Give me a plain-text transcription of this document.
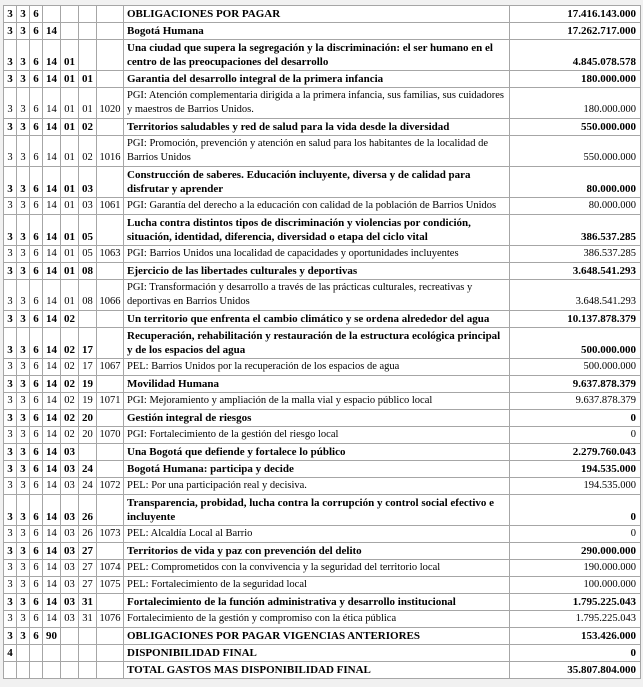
3	3	6					OBLIGACIONES POR PAGAR	17.416.143.000
3	3	6	14				Bogotá Humana	17.262.717.000
3	3	6	14	01			Una ciudad que supera la segregación y la discriminación: el ser humano en el centro de las preocupaciones del desarrollo	4.845.078.578
3	3	6	14	01	01		Garantia del desarrollo integral de la primera infancia	180.000.000
3	3	6	14	01	01	1020	PGI: Atención complementaria dirigida a la primera infancia, sus familias, sus cuidadores y maestros de Barrios Unidos.	180.000.000
3	3	6	14	01	02		Territorios saludables y red de salud para la vida desde la diversidad	550.000.000
3	3	6	14	01	02	1016	PGI: Promoción, prevención y atención en salud para los habitantes de la localidad de Barrios Unidos	550.000.000
3	3	6	14	01	03		Construcción de saberes. Educación incluyente, diversa y de calidad para disfrutar y aprender	80.000.000
3	3	6	14	01	03	1061	PGI: Garantía del derecho a la educación con calidad de la población de Barrios Unidos	80.000.000
3	3	6	14	01	05		Lucha contra distintos tipos de discriminación y violencias por condición, situación, identidad, diferencia, diversidad o etapa del ciclo vital	386.537.285
3	3	6	14	01	05	1063	PGI: Barrios Unidos una localidad de capacidades y oportunidades incluyentes	386.537.285
3	3	6	14	01	08		Ejercicio de las libertades culturales y deportivas	3.648.541.293
3	3	6	14	01	08	1066	PGI: Transformación y desarrollo a través de las prácticas culturales, recreativas y deportivas en Barrios Unidos	3.648.541.293
3	3	6	14	02			Un territorio que enfrenta el cambio climático y se ordena alrededor del agua	10.137.878.379
3	3	6	14	02	17		Recuperación, rehabilitación y restauración de la estructura ecológica principal y de los espacios del agua	500.000.000
3	3	6	14	02	17	1067	PEL: Barrios Unidos por la recuperación de los espacios de agua	500.000.000
3	3	6	14	02	19		Movilidad Humana	9.637.878.379
3	3	6	14	02	19	1071	PGI: Mejoramiento y ampliación de la malla vial y espacio público local	9.637.878.379
3	3	6	14	02	20		Gestión integral de riesgos	0
3	3	6	14	02	20	1070	PGI: Fortalecimiento de la gestión del riesgo local	0
3	3	6	14	03			Una Bogotá que defiende y fortalece lo público	2.279.760.043
3	3	6	14	03	24		Bogotá Humana: participa y decide	194.535.000
3	3	6	14	03	24	1072	PEL: Por una participación real y decisiva.	194.535.000
3	3	6	14	03	26		Transparencia, probidad, lucha contra la corrupción y control social efectivo e incluyente	0
3	3	6	14	03	26	1073	PEL: Alcaldía Local al Barrio	0
3	3	6	14	03	27		Territorios de vida y paz con prevención del delito	290.000.000
3	3	6	14	03	27	1074	PEL: Comprometidos con la convivencia y la seguridad del territorio local	190.000.000
3	3	6	14	03	27	1075	PEL: Fortalecimiento de la seguridad local	100.000.000
3	3	6	14	03	31		Fortalecimiento de la función administrativa y desarrollo institucional	1.795.225.043
3	3	6	14	03	31	1076	Fortalecimiento de la gestión y compromiso con la ética pública	1.795.225.043
3	3	6	90				OBLIGACIONES POR PAGAR VIGENCIAS ANTERIORES	153.426.000
4							DISPONIBILIDAD FINAL	0
							TOTAL GASTOS MAS DISPONIBILIDAD FINAL	35.807.804.000
